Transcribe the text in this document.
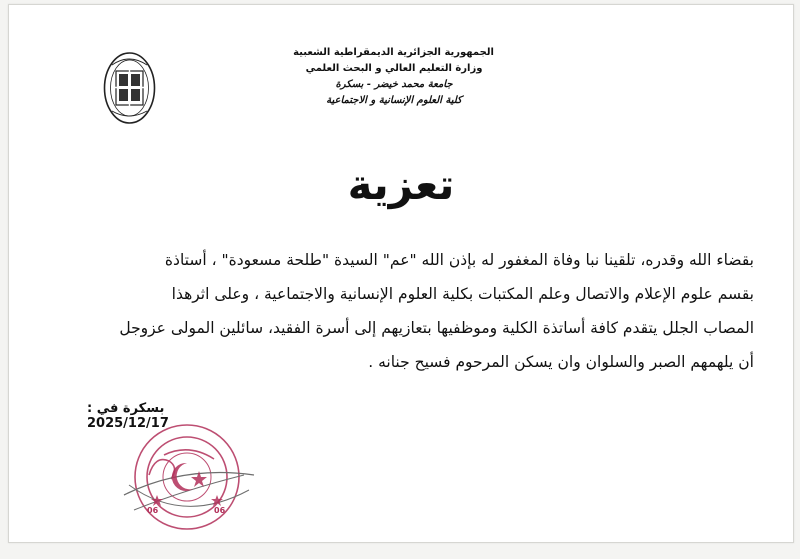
الجمهورية الجزائرية الديمقراطية الشعبية
وزارة التعليم العالي و البحث العلمي
جامعة محمد خيضر - بسكرة
كلية العلوم الإنسانية و الاجتماعية
تعزية
بقضاء الله وقدره، تلقينا نبا وفاة المغفور له بإذن الله "عم" السيدة "طلحة مسعودة" ، أستاذة
بقسم علوم الإعلام والاتصال وعلم المكتبات بكلية العلوم الإنسانية والاجتماعية ، وعلى اثرهذا
المصاب الجلل يتقدم كافة أساتذة الكلية وموظفيها بتعازيهم إلى أسرة الفقيد، سائلين المولى عزوجل
أن يلهمهم الصبر والسلوان وان يسكن المرحوم فسيح جنانه .
بسكرة في : 2025/12/17
06	06
